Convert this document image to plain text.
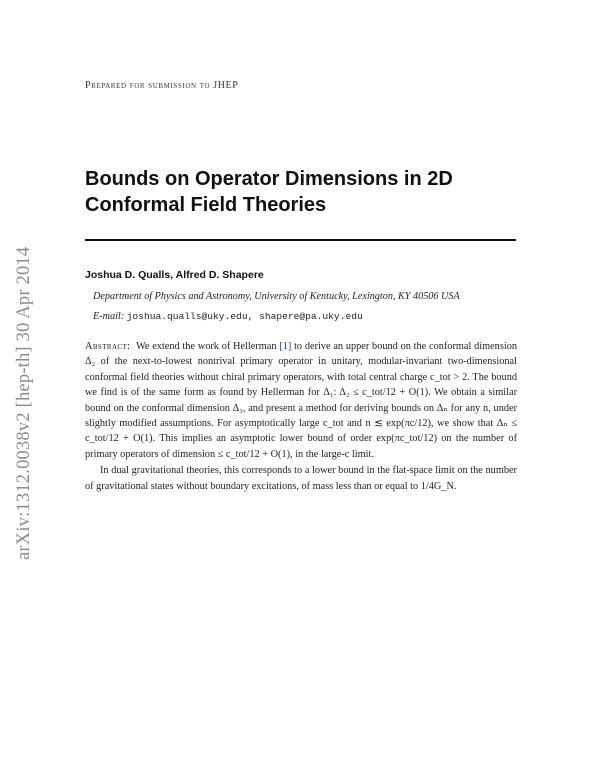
arXiv:1312.0038v2 [hep-th] 30 Apr 2014
Prepared for submission to JHEP
Bounds on Operator Dimensions in 2D Conformal Field Theories
Joshua D. Qualls, Alfred D. Shapere
Department of Physics and Astronomy, University of Kentucky, Lexington, KY 40506 USA
E-mail: joshua.qualls@uky.edu, shapere@pa.uky.edu

Abstract: We extend the work of Hellerman [1] to derive an upper bound on the conformal dimension Δ₂ of the next-to-lowest nontrival primary operator in unitary, modular-invariant two-dimensional conformal field theories without chiral primary operators, with total central charge c_tot > 2. The bound we find is of the same form as found by Hellerman for Δ₁: Δ₂ ≤ c_tot/12 + O(1). We obtain a similar bound on the conformal dimension Δ₃, and present a method for deriving bounds on Δₙ for any n, under slightly modified assumptions. For asymptotically large c_tot and n ≲ exp(πc/12), we show that Δₙ ≤ c_tot/12 + O(1). This implies an asymptotic lower bound of order exp(πc_tot/12) on the number of primary operators of dimension ≤ c_tot/12 + O(1), in the large-c limit.

In dual gravitational theories, this corresponds to a lower bound in the flat-space limit on the number of gravitational states without boundary excitations, of mass less than or equal to 1/4G_N.
